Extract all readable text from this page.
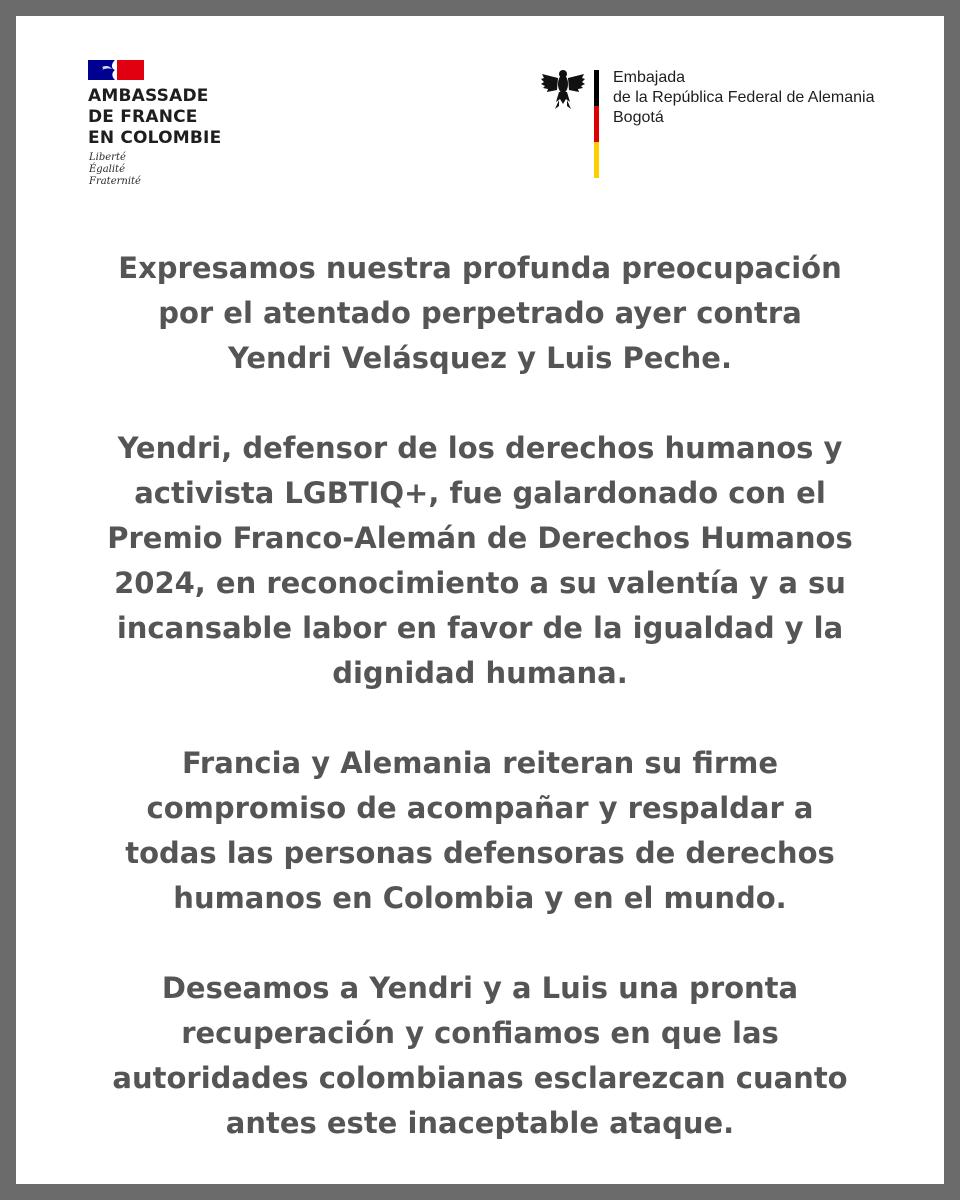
AMBASSADE
DE FRANCE
EN COLOMBIE
Liberté
Égalité
Fraternité
Embajada
de la República Federal de Alemania
Bogotá
Expresamos nuestra profunda preocupación
por el atentado perpetrado ayer contra
Yendri Velásquez y Luis Peche.
Yendri, defensor de los derechos humanos y
activista LGBTIQ+, fue galardonado con el
Premio Franco-Alemán de Derechos Humanos
2024, en reconocimiento a su valentía y a su
incansable labor en favor de la igualdad y la
dignidad humana.
Francia y Alemania reiteran su firme
compromiso de acompañar y respaldar a
todas las personas defensoras de derechos
humanos en Colombia y en el mundo.
Deseamos a Yendri y a Luis una pronta
recuperación y confiamos en que las
autoridades colombianas esclarezcan cuanto
antes este inaceptable ataque.
